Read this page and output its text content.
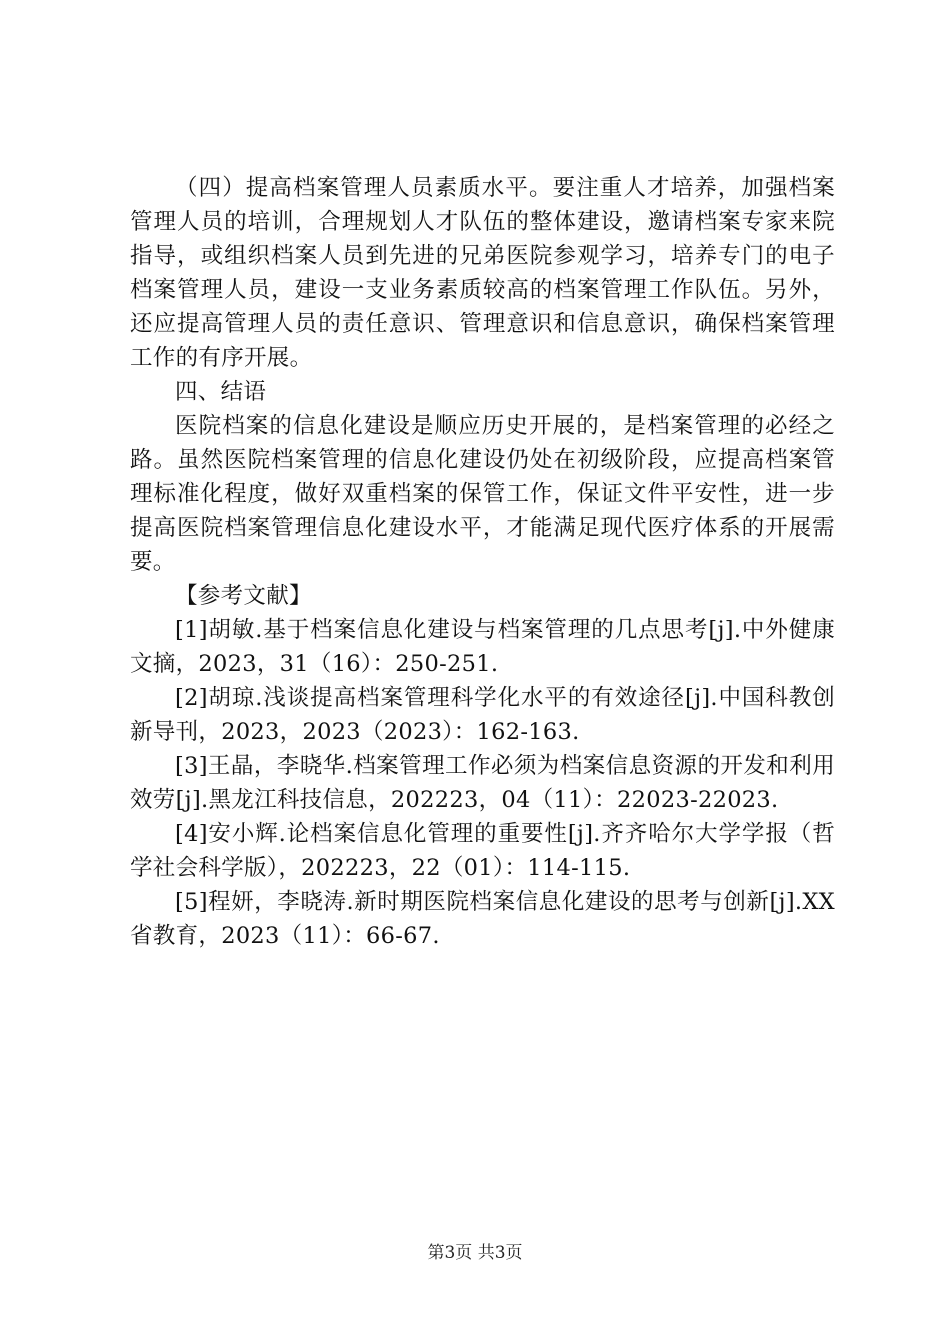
（四）提高档案管理人员素质水平。要注重人才培养，加强档案管理人员的培训，合理规划人才队伍的整体建设，邀请档案专家来院指导，或组织档案人员到先进的兄弟医院参观学习，培养专门的电子档案管理人员，建设一支业务素质较高的档案管理工作队伍。另外，还应提高管理人员的责任意识、管理意识和信息意识，确保档案管理工作的有序开展。

四、结语

医院档案的信息化建设是顺应历史开展的，是档案管理的必经之路。虽然医院档案管理的信息化建设仍处在初级阶段，应提高档案管理标准化程度，做好双重档案的保管工作，保证文件平安性，进一步提高医院档案管理信息化建设水平，才能满足现代医疗体系的开展需要。

【参考文献】

[1]胡敏.基于档案信息化建设与档案管理的几点思考[j].中外健康文摘，2023，31（16）：250-251.

[2]胡琼.浅谈提高档案管理科学化水平的有效途径[j].中国科教创新导刊，2023，2023（2023）：162-163.

[3]王晶，李晓华.档案管理工作必须为档案信息资源的开发和利用效劳[j].黑龙江科技信息，202223，04（11）：22023-22023.

[4]安小辉.论档案信息化管理的重要性[j].齐齐哈尔大学学报（哲学社会科学版），202223，22（01）：114-115.

[5]程妍，李晓涛.新时期医院档案信息化建设的思考与创新[j].XX省教育，2023（11）：66-67.

第3页 共3页
